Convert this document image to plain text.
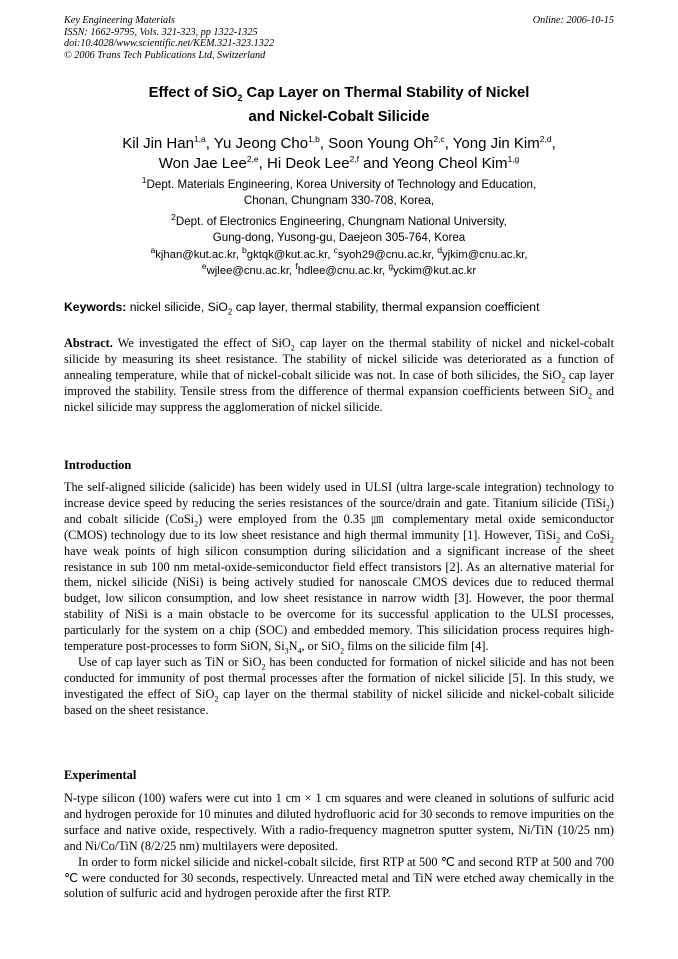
Key Engineering Materials
ISSN: 1662-9795, Vols. 321-323, pp 1322-1325
doi:10.4028/www.scientific.net/KEM.321-323.1322
© 2006 Trans Tech Publications Ltd, Switzerland
Online: 2006-10-15
Effect of SiO$_2$ Cap Layer on Thermal Stability of Nickel
and Nickel-Cobalt Silicide
Kil Jin Han$^{1,a}$, Yu Jeong Cho$^{1,b}$, Soon Young Oh$^{2,c}$, Yong Jin Kim$^{2,d}$,
Won Jae Lee$^{2,e}$, Hi Deok Lee$^{2,f}$ and Yeong Cheol Kim$^{1,g}$
$^1$Dept. Materials Engineering, Korea University of Technology and Education,
Chonan, Chungnam 330-708, Korea,
$^2$Dept. of Electronics Engineering, Chungnam National University,
Gung-dong, Yusong-gu, Daejeon 305-764, Korea
$^a$kjhan@kut.ac.kr, $^b$gktqk@kut.ac.kr, $^c$syoh29@cnu.ac.kr, $^d$yjkim@cnu.ac.kr,
$^e$wjlee@cnu.ac.kr, $^f$hdlee@cnu.ac.kr, $^g$yckim@kut.ac.kr
Keywords: nickel silicide, SiO$_2$ cap layer, thermal stability, thermal expansion coefficient
Abstract. We investigated the effect of SiO$_2$ cap layer on the thermal stability of nickel and nickel-cobalt silicide by measuring its sheet resistance. The stability of nickel silicide was deteriorated as a function of annealing temperature, while that of nickel-cobalt silicide was not. In case of both silicides, the SiO$_2$ cap layer improved the stability. Tensile stress from the difference of thermal expansion coefficients between SiO$_2$ and nickel silicide may suppress the agglomeration of nickel silicide.
Introduction

The self-aligned silicide (salicide) has been widely used in ULSI (ultra large-scale integration) technology to increase device speed by reducing the series resistances of the source/drain and gate. Titanium silicide (TiSi$_2$) and cobalt silicide (CoSi$_2$) were employed from the 0.35 ㎛ complementary metal oxide semiconductor (CMOS) technology due to its low sheet resistance and high thermal immunity [1]. However, TiSi$_2$ and CoSi$_2$ have weak points of high silicon consumption during silicidation and a significant increase of the sheet resistance in sub 100 nm metal-oxide-semiconductor field effect transistors [2]. As an alternative material for them, nickel silicide (NiSi) is being actively studied for nanoscale CMOS devices due to reduced thermal budget, low silicon consumption, and low sheet resistance in narrow width [3]. However, the poor thermal stability of NiSi is a main obstacle to be overcome for its successful application to the ULSI processes, particularly for the system on a chip (SOC) and embedded memory. This silicidation process requires high-temperature post-processes to form SiON, $Si_3N_4$, or SiO$_2$ films on the silicide film [4].

Use of cap layer such as TiN or SiO$_2$ has been conducted for formation of nickel silicide and has not been conducted for immunity of post thermal processes after the formation of nickel silicide [5]. In this study, we investigated the effect of SiO$_2$ cap layer on the thermal stability of nickel silicide and nickel-cobalt silicide based on the sheet resistance.

Experimental

N-type silicon (100) wafers were cut into 1 cm × 1 cm squares and were cleaned in solutions of sulfuric acid and hydrogen peroxide for 10 minutes and diluted hydrofluoric acid for 30 seconds to remove impurities on the surface and native oxide, respectively. With a radio-frequency magnetron sputter system, Ni/TiN (10/25 nm) and Ni/Co/TiN (8/2/25 nm) multilayers were deposited.

In order to form nickel silicide and nickel-cobalt silcide, first RTP at 500 ℃ and second RTP at 500 and 700 ℃ were conducted for 30 seconds, respectively. Unreacted metal and TiN were etched away chemically in the solution of sulfuric acid and hydrogen peroxide after the first RTP.
